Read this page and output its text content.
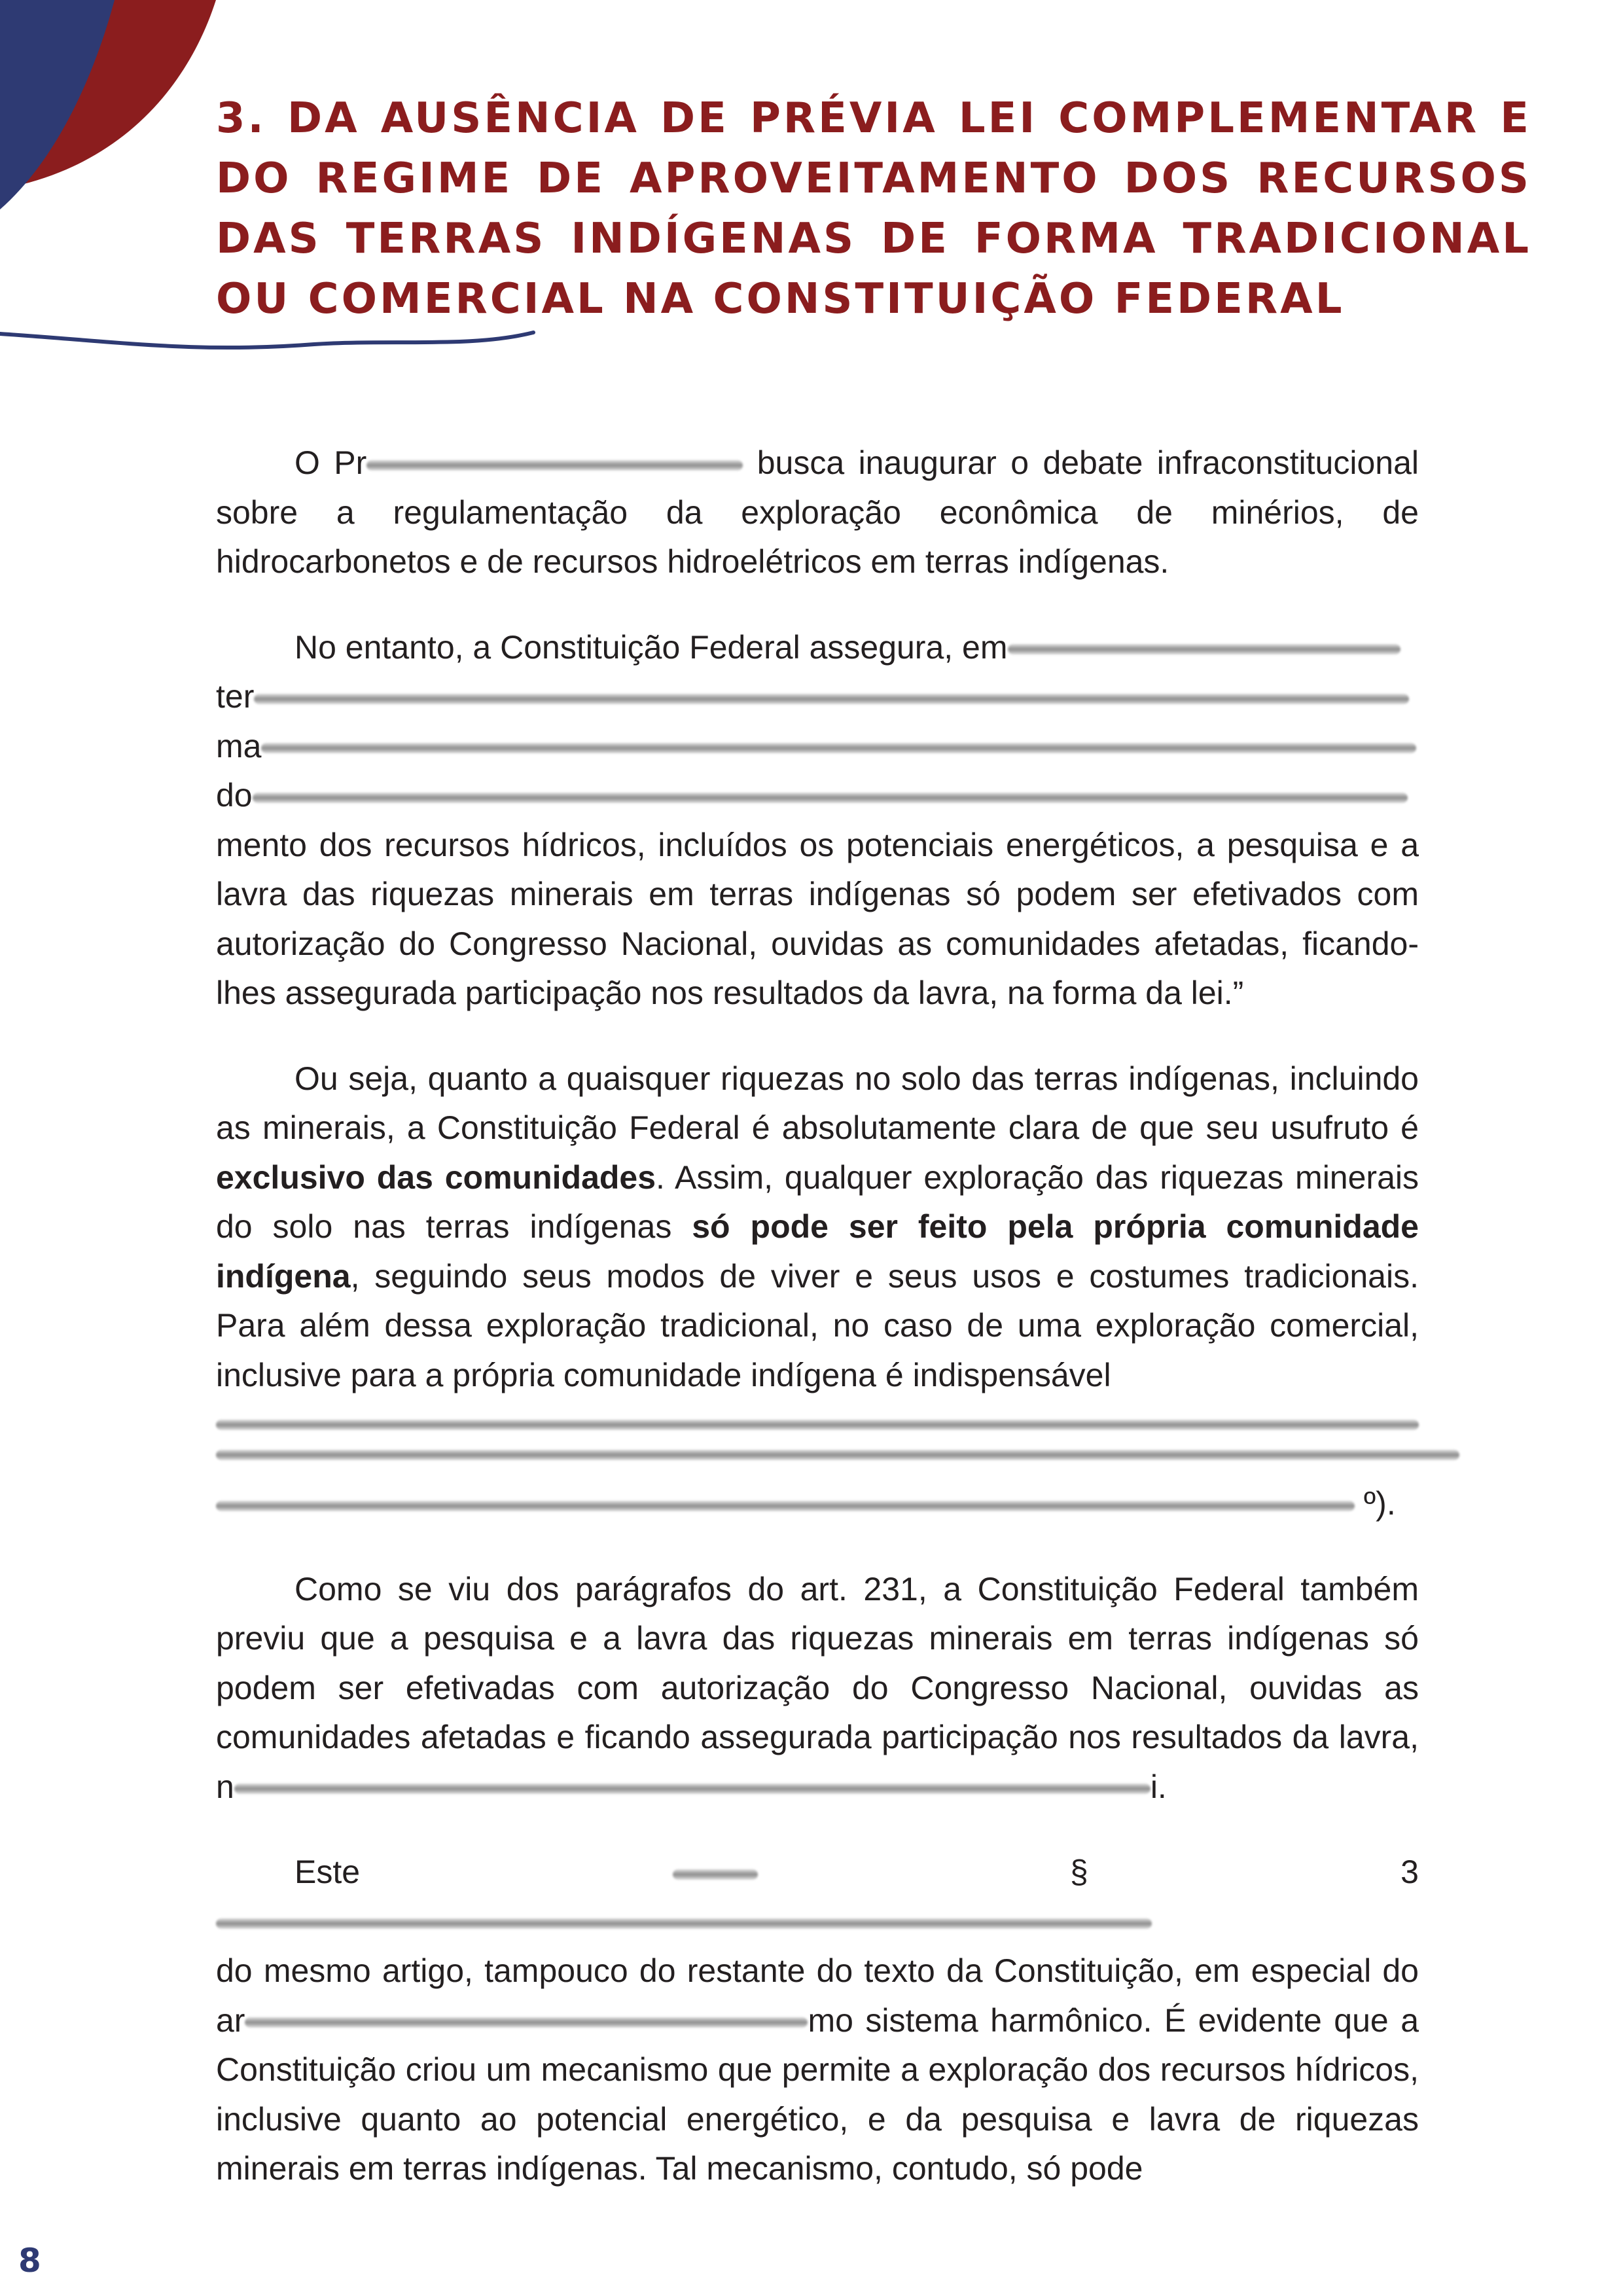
3. DA AUSÊNCIA DE PRÉVIA LEI COMPLEMENTAR E DO REGIME DE APROVEITAMENTO DOS RECURSOS DAS TERRAS INDÍGENAS DE FORMA TRADICIONAL OU COMERCIAL NA CONSTITUIÇÃO FEDERAL

O Pr	busca inaugurar o debate infraconstitucional sobre a regulamentação da exploração econômica de minérios, de hidrocarbonetos e de recursos hidroelétricos em terras indígenas.

No entanto, a Constituição Federal assegura, em
ter
ma
do
mento dos recursos hídricos, incluídos os potenciais energéticos, a pesquisa e a lavra das riquezas minerais em terras indígenas só podem ser efetivados com autorização do Congresso Nacional, ouvidas as comunidades afetadas, ficando-lhes assegurada participação nos resultados da lavra, na forma da lei.”

Ou seja, quanto a quaisquer riquezas no solo das terras indígenas, incluindo as minerais, a Constituição Federal é absolutamente clara de que seu usufruto é exclusivo das comunidades. Assim, qualquer exploração das riquezas minerais do solo nas terras indígenas só pode ser feito pela própria comunidade indígena, seguindo seus modos de viver e seus usos e costumes tradicionais. Para além dessa exploração tradicional, no caso de uma exploração comercial, inclusive para a própria comunidade indígena é indispensável
º).

Como se viu dos parágrafos do art. 231, a Constituição Federal também previu que a pesquisa e a lavra das riquezas minerais em terras indígenas só podem ser efetivadas com autorização do Congresso Nacional, ouvidas as comunidades afetadas e ficando assegurada participação nos resultados da lavra, n	i.

Este	§ 3
do mesmo artigo, tampouco do restante do texto da Constituição, em especial do ar	mo sistema harmônico. É evidente que a Constituição criou um mecanismo que permite a exploração dos recursos hídricos, inclusive quanto ao potencial energético, e da pesquisa e lavra de riquezas minerais em terras indígenas. Tal mecanismo, contudo, só pode

8
